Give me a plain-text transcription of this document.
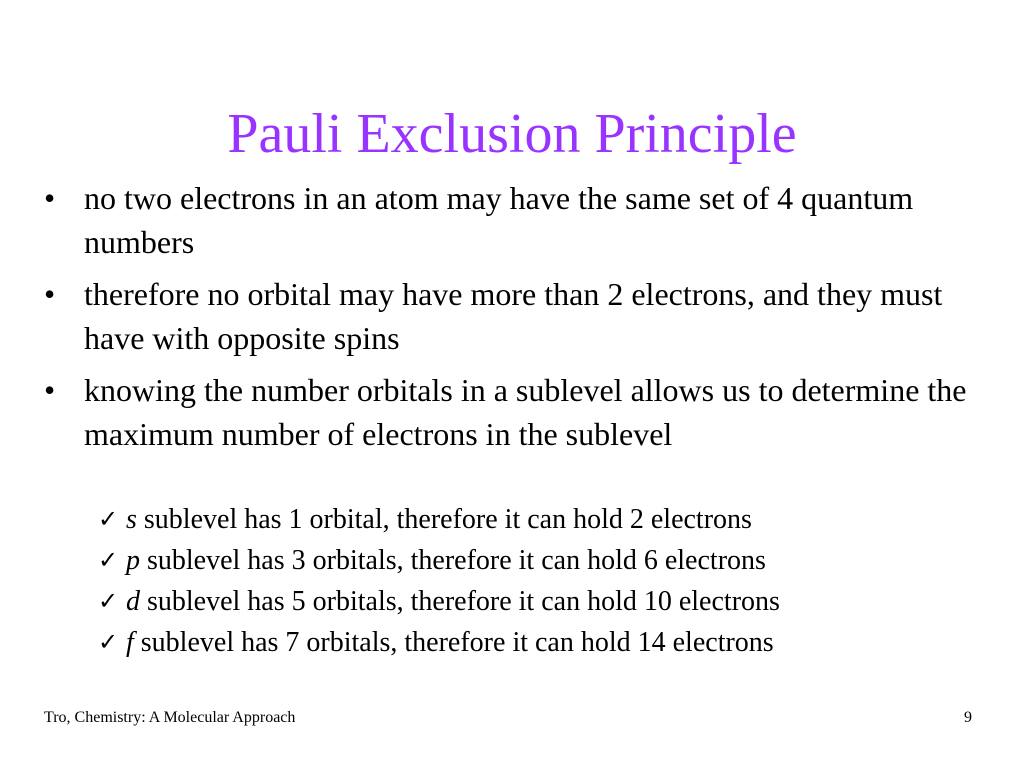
Pauli Exclusion Principle
• no two electrons in an atom may have the same set of 4 quantum numbers
• therefore no orbital may have more than 2 electrons, and they must have with opposite spins
• knowing the number orbitals in a sublevel allows us to determine the maximum number of electrons in the sublevel
✓ s sublevel has 1 orbital, therefore it can hold 2 electrons
✓ p sublevel has 3 orbitals, therefore it can hold 6 electrons
✓ d sublevel has 5 orbitals, therefore it can hold 10 electrons
✓ f sublevel has 7 orbitals, therefore it can hold 14 electrons
Tro, Chemistry: A Molecular Approach	9
